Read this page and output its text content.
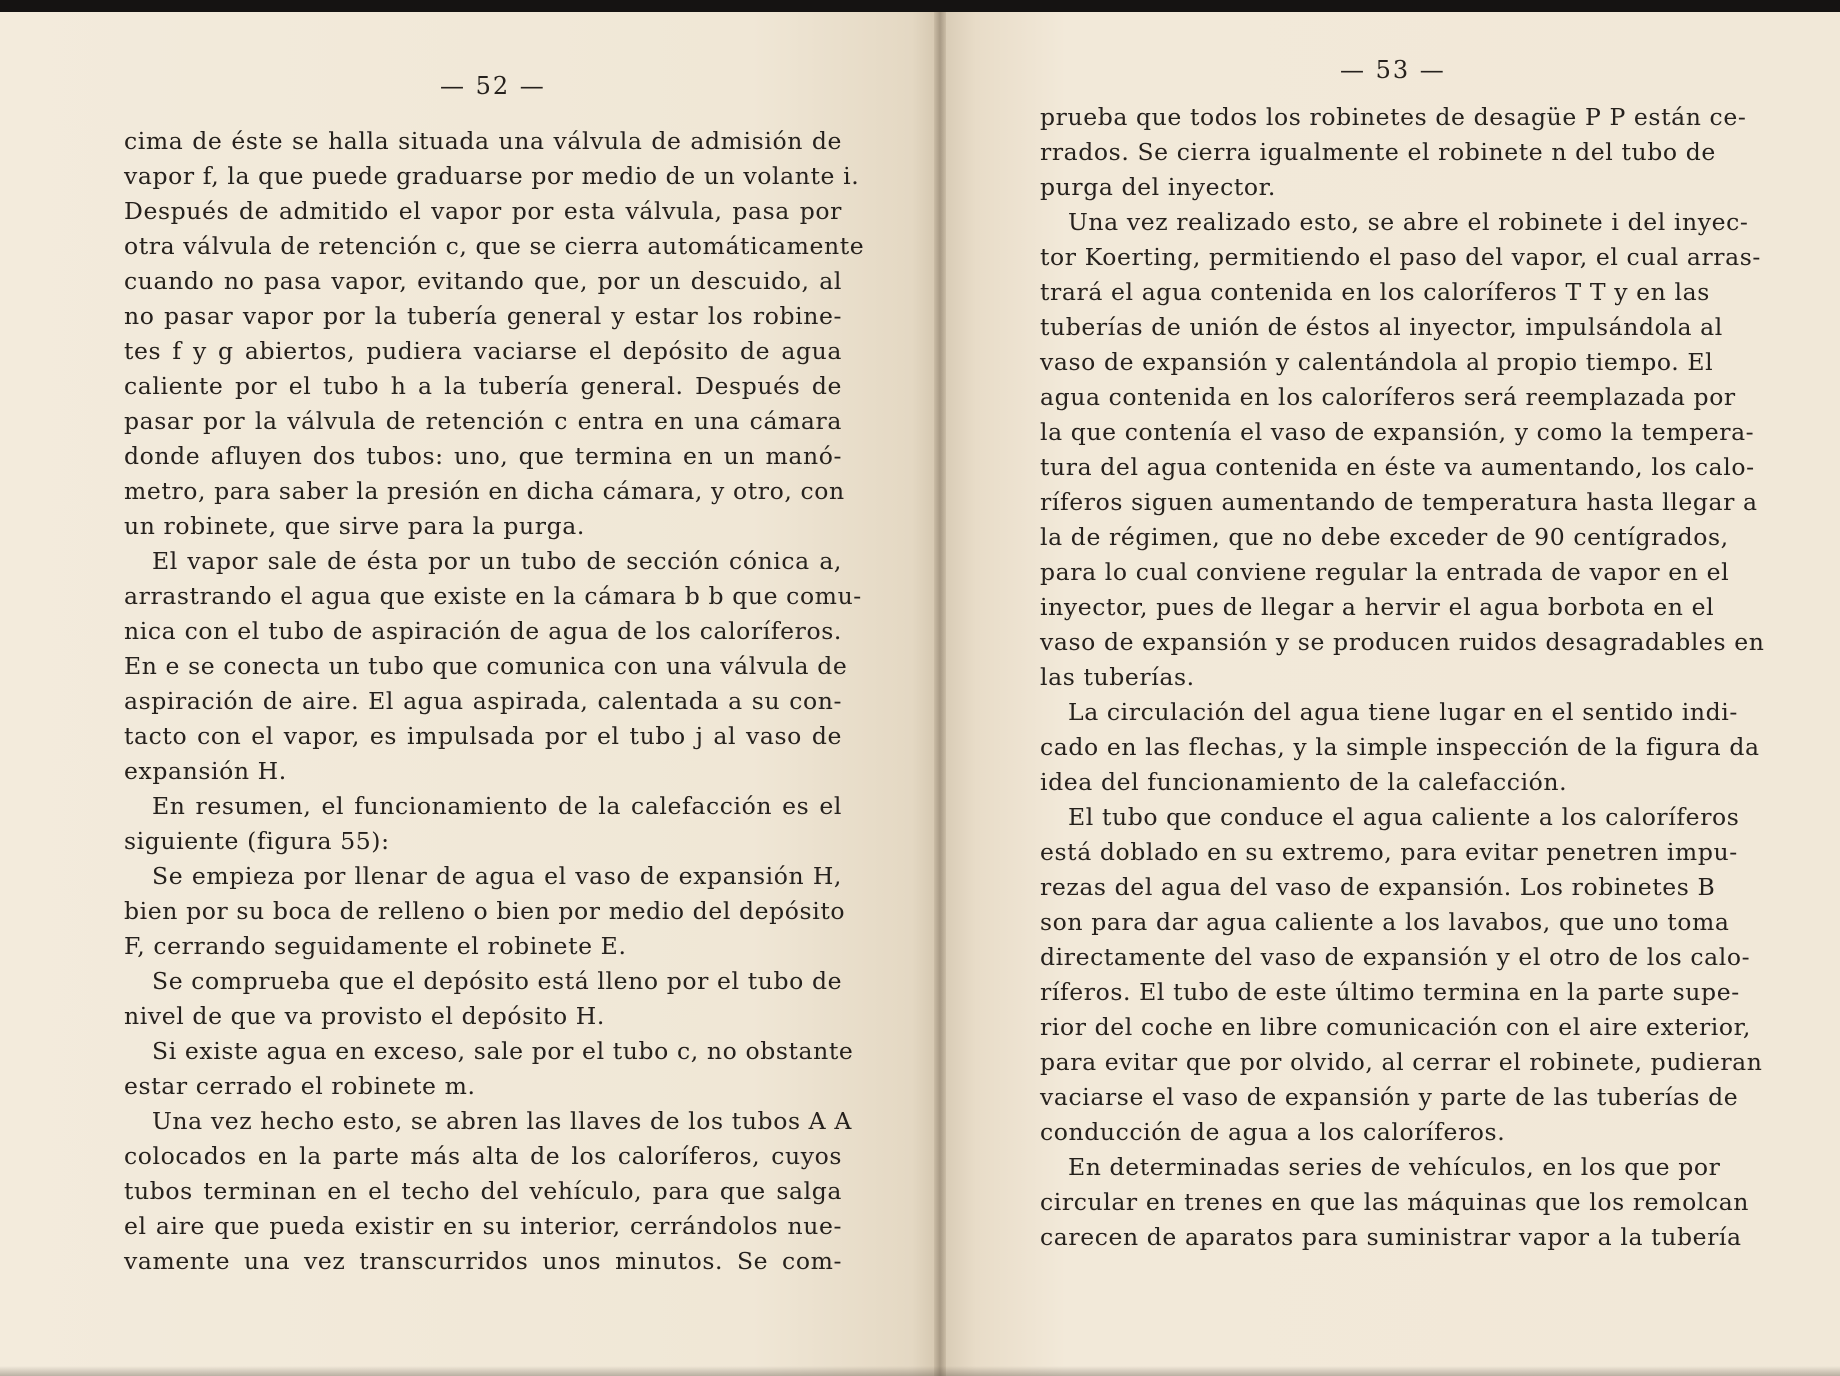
— 52 —
cima de éste se halla situada una válvula de admisión de
vapor f, la que puede graduarse por medio de un volante i.
Después de admitido el vapor por esta válvula, pasa por
otra válvula de retención c, que se cierra automáticamente
cuando no pasa vapor, evitando que, por un descuido, al
no pasar vapor por la tubería general y estar los robine-
tes f y g abiertos, pudiera vaciarse el depósito de agua
caliente por el tubo h a la tubería general. Después de
pasar por la válvula de retención c entra en una cámara
donde afluyen dos tubos: uno, que termina en un manó-
metro, para saber la presión en dicha cámara, y otro, con
un robinete, que sirve para la purga.
El vapor sale de ésta por un tubo de sección cónica a,
arrastrando el agua que existe en la cámara b b que comu-
nica con el tubo de aspiración de agua de los caloríferos.
En e se conecta un tubo que comunica con una válvula de
aspiración de aire. El agua aspirada, calentada a su con-
tacto con el vapor, es impulsada por el tubo j al vaso de
expansión H.
En resumen, el funcionamiento de la calefacción es el
siguiente (figura 55):
Se empieza por llenar de agua el vaso de expansión H,
bien por su boca de relleno o bien por medio del depósito
F, cerrando seguidamente el robinete E.
Se comprueba que el depósito está lleno por el tubo de
nivel de que va provisto el depósito H.
Si existe agua en exceso, sale por el tubo c, no obstante
estar cerrado el robinete m.
Una vez hecho esto, se abren las llaves de los tubos A A
colocados en la parte más alta de los caloríferos, cuyos
tubos terminan en el techo del vehículo, para que salga
el aire que pueda existir en su interior, cerrándolos nue-
vamente una vez transcurridos unos minutos. Se com-
— 53 —
prueba que todos los robinetes de desagüe P P están ce-
rrados. Se cierra igualmente el robinete n del tubo de
purga del inyector.
Una vez realizado esto, se abre el robinete i del inyec-
tor Koerting, permitiendo el paso del vapor, el cual arras-
trará el agua contenida en los caloríferos T T y en las
tuberías de unión de éstos al inyector, impulsándola al
vaso de expansión y calentándola al propio tiempo. El
agua contenida en los caloríferos será reemplazada por
la que contenía el vaso de expansión, y como la tempera-
tura del agua contenida en éste va aumentando, los calo-
ríferos siguen aumentando de temperatura hasta llegar a
la de régimen, que no debe exceder de 90 centígrados,
para lo cual conviene regular la entrada de vapor en el
inyector, pues de llegar a hervir el agua borbota en el
vaso de expansión y se producen ruidos desagradables en
las tuberías.
La circulación del agua tiene lugar en el sentido indi-
cado en las flechas, y la simple inspección de la figura da
idea del funcionamiento de la calefacción.
El tubo que conduce el agua caliente a los caloríferos
está doblado en su extremo, para evitar penetren impu-
rezas del agua del vaso de expansión. Los robinetes B
son para dar agua caliente a los lavabos, que uno toma
directamente del vaso de expansión y el otro de los calo-
ríferos. El tubo de este último termina en la parte supe-
rior del coche en libre comunicación con el aire exterior,
para evitar que por olvido, al cerrar el robinete, pudieran
vaciarse el vaso de expansión y parte de las tuberías de
conducción de agua a los caloríferos.
En determinadas series de vehículos, en los que por
circular en trenes en que las máquinas que los remolcan
carecen de aparatos para suministrar vapor a la tubería
